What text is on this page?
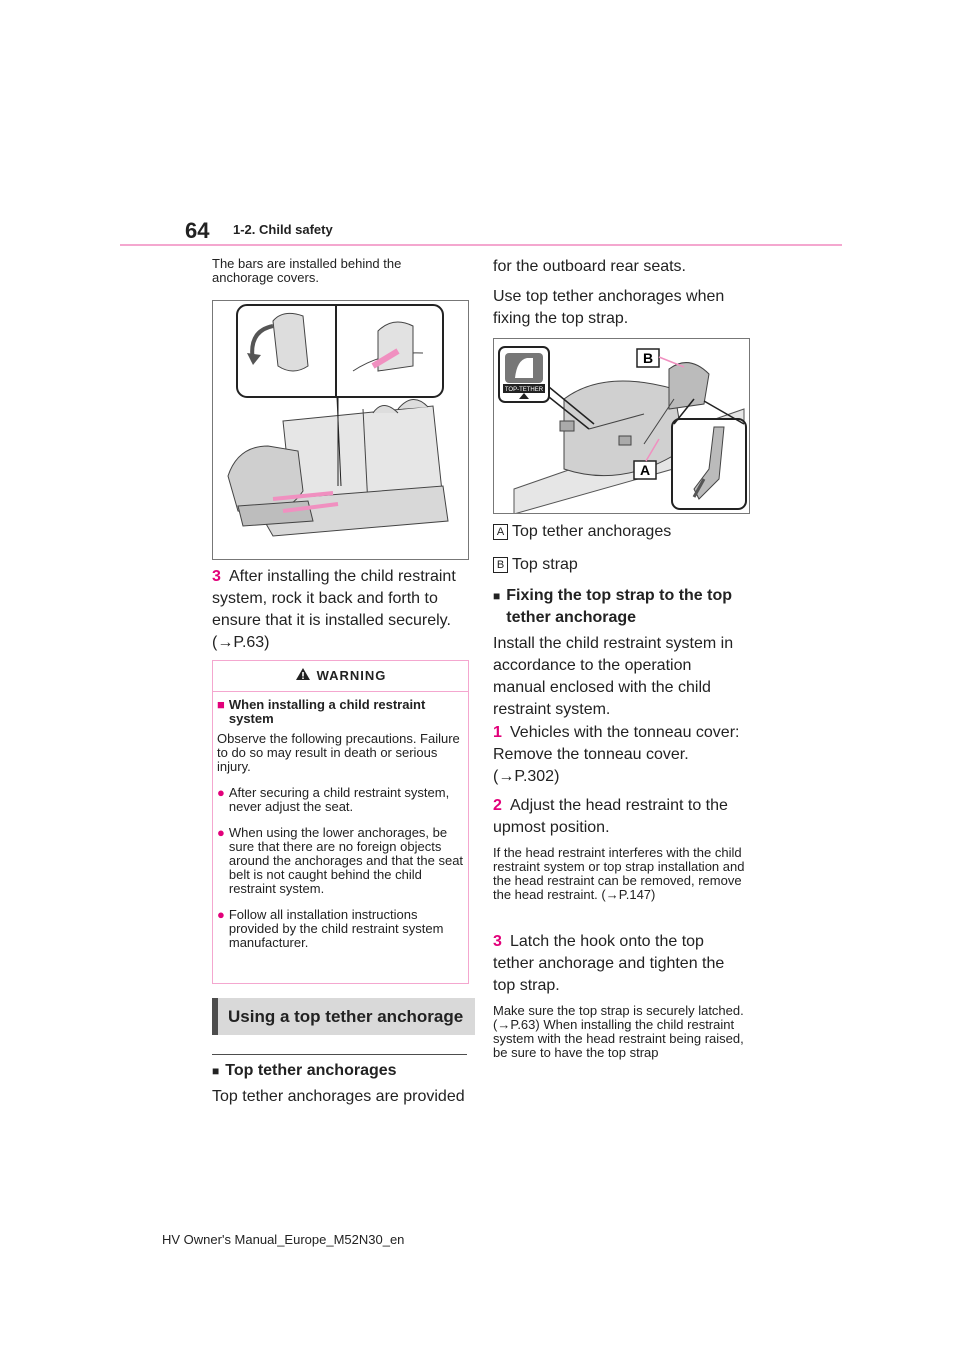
64 1-2. Child safety
The bars are installed behind the anchorage covers.
3 After installing the child restraint system, rock it back and forth to ensure that it is installed securely. (→P.63)
WARNING
■ When installing a child restraint system
Observe the following precautions. Failure to do so may result in death or serious injury.
● After securing a child restraint system, never adjust the seat.
● When using the lower anchorages, be sure that there are no foreign objects around the anchorages and that the seat belt is not caught behind the child restraint system.
● Follow all installation instructions provided by the child restraint system manufacturer.
Using a top tether anchorage
■ Top tether anchorages
Top tether anchorages are provided
for the outboard rear seats.
Use top tether anchorages when fixing the top strap.
TOP-TETHER
B
A
A Top tether anchorages
B Top strap
■ Fixing the top strap to the top tether anchorage
Install the child restraint system in accordance to the operation manual enclosed with the child restraint system.
1 Vehicles with the tonneau cover: Remove the tonneau cover. (→P.302)
2 Adjust the head restraint to the upmost position.
If the head restraint interferes with the child restraint system or top strap installation and the head restraint can be removed, remove the head restraint. (→P.147)
3 Latch the hook onto the top tether anchorage and tighten the top strap.
Make sure the top strap is securely latched. (→P.63) When installing the child restraint system with the head restraint being raised, be sure to have the top strap
HV Owner's Manual_Europe_M52N30_en
